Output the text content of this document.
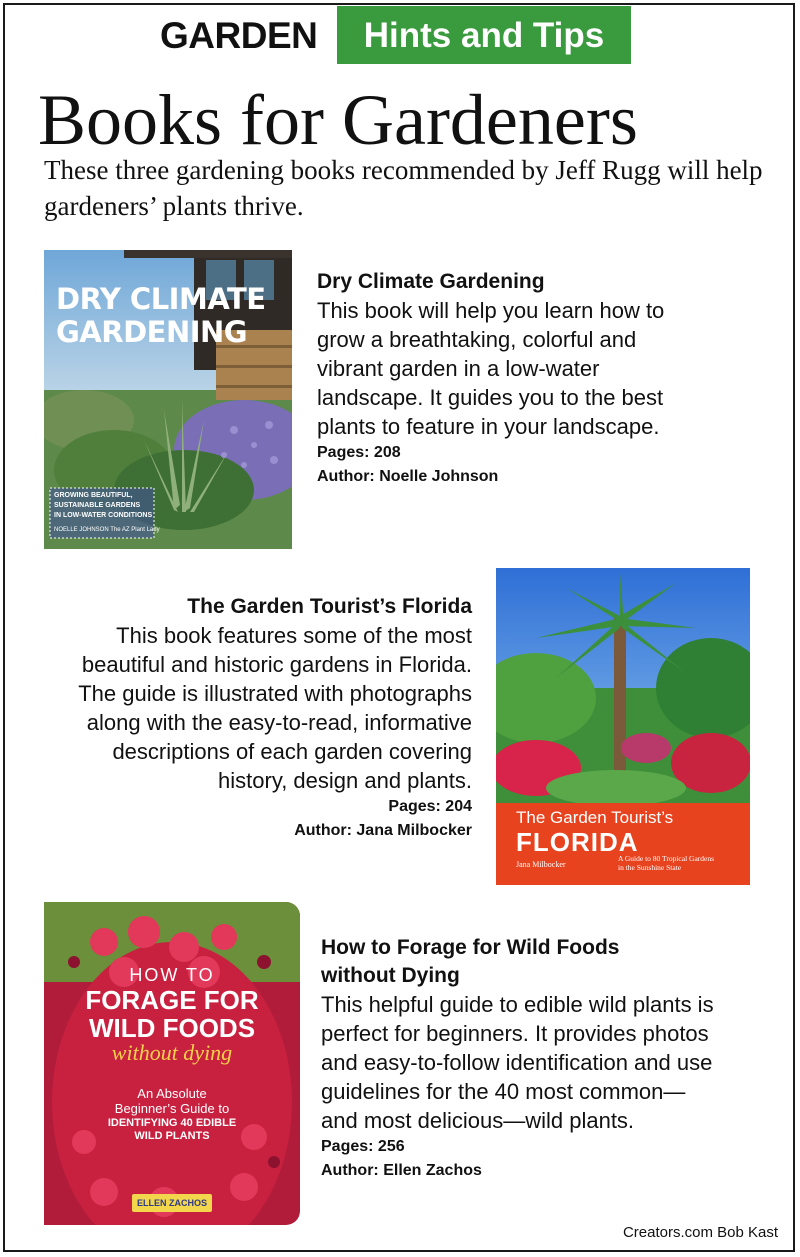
GARDEN	Hints and Tips
Books for Gardeners
These three gardening books recommended by Jeff Rugg will help gardeners’ plants thrive.
DRY CLIMATE
GARDENING
GROWING BEAUTIFUL,
SUSTAINABLE GARDENS
IN LOW-WATER CONDITIONS
NOELLE JOHNSON The AZ Plant Lady
Dry Climate Gardening
This book will help you learn how to grow a breathtaking, colorful and vibrant garden in a low-water landscape. It guides you to the best plants to feature in your landscape.
Pages: 208
Author: Noelle Johnson
The Garden Tourist’s Florida
This book features some of the most beautiful and historic gardens in Florida. The guide is illustrated with photographs along with the easy-to-read, informative descriptions of each garden covering history, design and plants.
Pages: 204
Author: Jana Milbocker
The Garden Tourist’s
FLORIDA
Jana Milbocker
A Guide to 80 Tropical Gardens
in the Sunshine State
HOW TO
FORAGE FOR
WILD FOODS
without dying
An Absolute
Beginner’s Guide to
IDENTIFYING 40 EDIBLE
WILD PLANTS
ELLEN ZACHOS
How to Forage for Wild Foods without Dying
This helpful guide to edible wild plants is perfect for beginners. It provides photos and easy-to-follow identification and use guidelines for the 40 most common—and most delicious—wild plants.
Pages: 256
Author: Ellen Zachos
Creators.com Bob Kast
